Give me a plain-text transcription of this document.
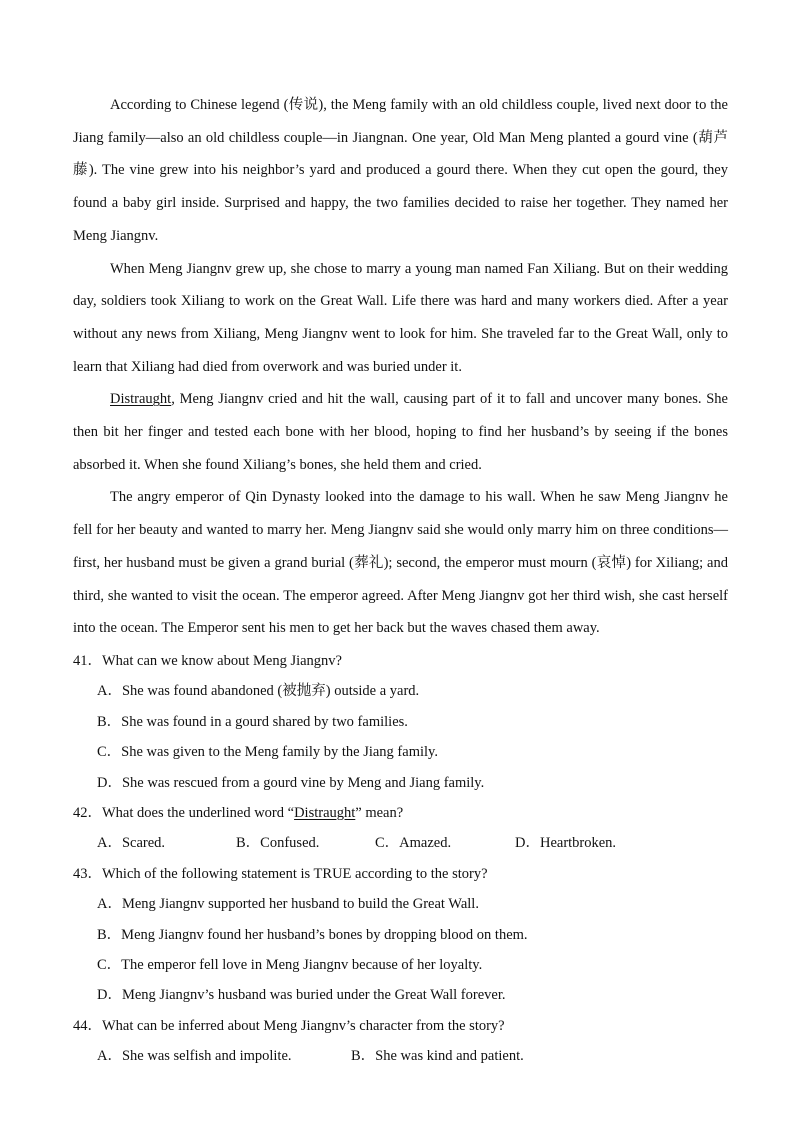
According to Chinese legend (传说), the Meng family with an old childless couple, lived next door to the Jiang family—also an old childless couple—in Jiangnan. One year, Old Man Meng planted a gourd vine (葫芦藤). The vine grew into his neighbor’s yard and produced a gourd there. When they cut open the gourd, they found a baby girl inside. Surprised and happy, the two families decided to raise her together. They named her Meng Jiangnv.

When Meng Jiangnv grew up, she chose to marry a young man named Fan Xiliang. But on their wedding day, soldiers took Xiliang to work on the Great Wall. Life there was hard and many workers died. After a year without any news from Xiliang, Meng Jiangnv went to look for him. She traveled far to the Great Wall, only to learn that Xiliang had died from overwork and was buried under it.

Distraught, Meng Jiangnv cried and hit the wall, causing part of it to fall and uncover many bones. She then bit her finger and tested each bone with her blood, hoping to find her husband’s by seeing if the bones absorbed it. When she found Xiliang’s bones, she held them and cried.

The angry emperor of Qin Dynasty looked into the damage to his wall. When he saw Meng Jiangnv he fell for her beauty and wanted to marry her. Meng Jiangnv said she would only marry him on three conditions—first, her husband must be given a grand burial (葬礼); second, the emperor must mourn (哀悼) for Xiliang; and third, she wanted to visit the ocean. The emperor agreed. After Meng Jiangnv got her third wish, she cast herself into the ocean. The Emperor sent his men to get her back but the waves chased them away.

41．What can we know about Meng Jiangnv?

A．She was found abandoned (被抛弃) outside a yard.

B．She was found in a gourd shared by two families.

C．She was given to the Meng family by the Jiang family.

D．She was rescued from a gourd vine by Meng and Jiang family.

42．What does the underlined word “Distraught” mean?

A．Scared.	B．Confused.	C．Amazed.	D．Heartbroken.

43．Which of the following statement is TRUE according to the story?

A．Meng Jiangnv supported her husband to build the Great Wall.

B．Meng Jiangnv found her husband’s bones by dropping blood on them.

C．The emperor fell love in Meng Jiangnv because of her loyalty.

D．Meng Jiangnv’s husband was buried under the Great Wall forever.

44．What can be inferred about Meng Jiangnv’s character from the story?

A．She was selfish and impolite.	B．She was kind and patient.
